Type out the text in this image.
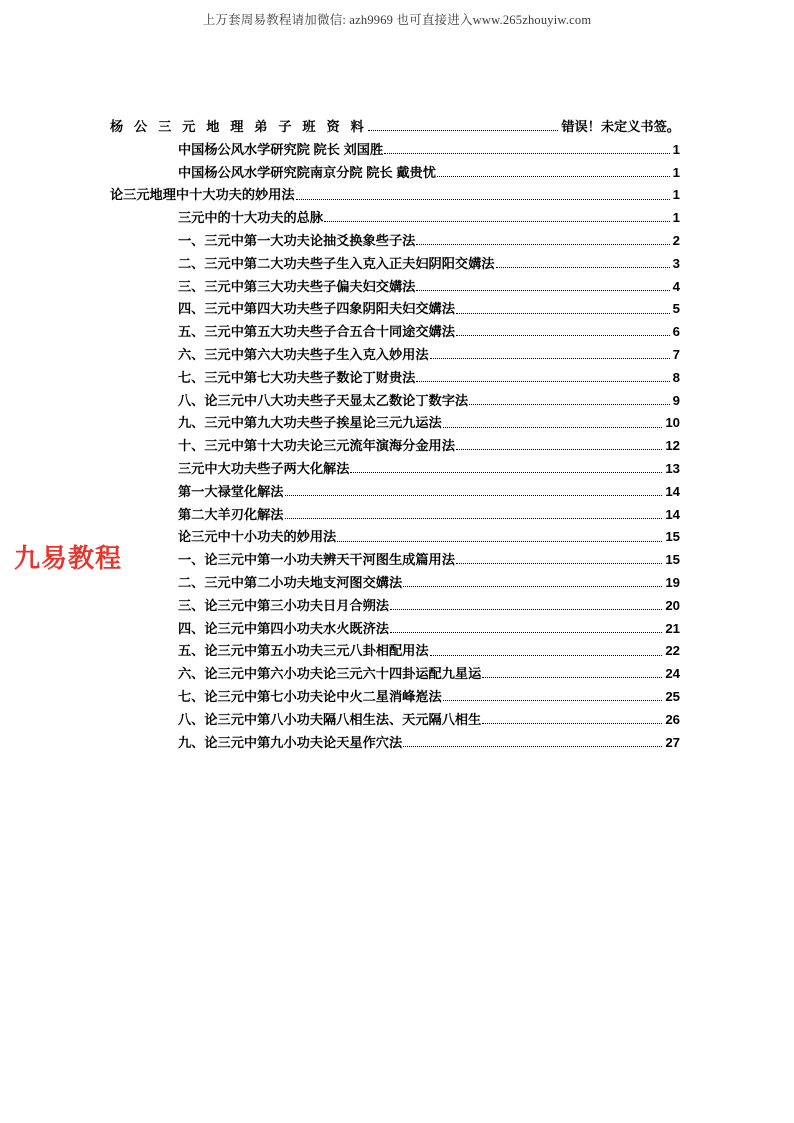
上万套周易教程请加微信: azh9969 也可直接进入www.265zhouyiw.com
九易教程
杨 公 三 元 地 理 弟 子 班 资 料	错误！未定义书签。
中国杨公风水学研究院 院长 刘国胜	1
中国杨公风水学研究院南京分院 院长 戴贵忧	1
论三元地理中十大功夫的妙用法	1
三元中的十大功夫的总脉	1
一、三元中第一大功夫论抽爻换象些子法	2
二、三元中第二大功夫些子生入克入正夫妇阴阳交媾法	3
三、三元中第三大功夫些子偏夫妇交媾法	4
四、三元中第四大功夫些子四象阴阳夫妇交媾法	5
五、三元中第五大功夫些子合五合十同途交媾法	6
六、三元中第六大功夫些子生入克入妙用法	7
七、三元中第七大功夫些子数论丁财贵法	8
八、论三元中八大功夫些子天显太乙数论丁数字法	9
九、三元中第九大功夫些子挨星论三元九运法	10
十、三元中第十大功夫论三元流年演海分金用法	12
三元中大功夫些子两大化解法	13
第一大禄堂化解法	14
第二大羊刃化解法	14
论三元中十小功夫的妙用法	15
一、论三元中第一小功夫辨天干河图生成篇用法	15
二、三元中第二小功夫地支河图交媾法	19
三、论三元中第三小功夫日月合朔法	20
四、论三元中第四小功夫水火既济法	21
五、论三元中第五小功夫三元八卦相配用法	22
六、论三元中第六小功夫论三元六十四卦运配九星运	24
七、论三元中第七小功夫论中火二星消峰峞法	25
八、论三元中第八小功夫隔八相生法、天元隔八相生	26
九、论三元中第九小功夫论天星作穴法	27
